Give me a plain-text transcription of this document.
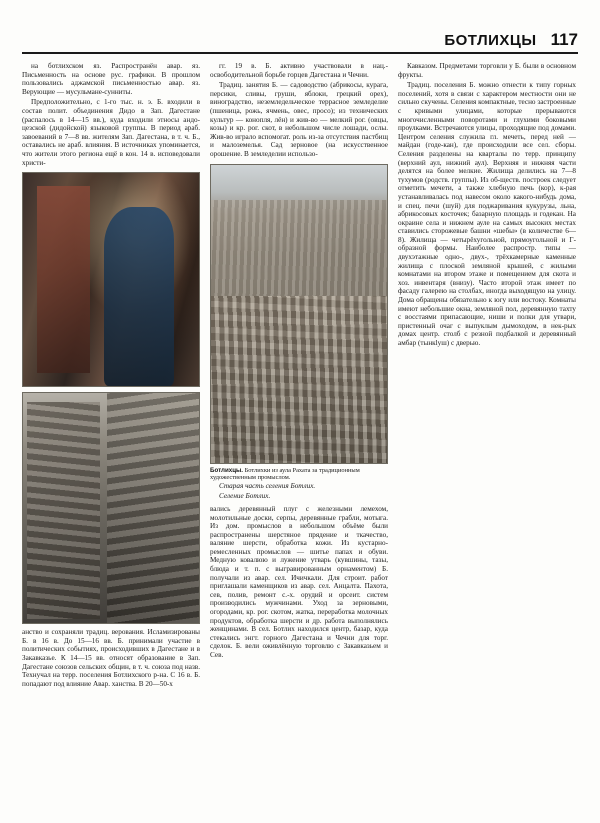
БОТЛИХЦЫ 117

на ботлихском яз. Распространён авар. яз. Письменность на основе рус. графики. В прошлом пользовались аджамской письменностью авар. яз. Верующие — мусульмане-сунниты.

Предположительно, с 1-го тыс. н. э. Б. входили в состав полит. объединения Дидо в Зап. Дагестане (распалось в 14—15 вв.), куда входили этносы андо-цезской (дидойской) языковой группы. В период араб. завоеваний в 7—8 вв. жителям Зап. Дагестана, в т. ч. Б., оставались не араб. влияния. В источниках упоминается, что жители этого региона ещё в кон. 14 в. исповедовали христи-

анство и сохраняли традиц. верования. Исламизированы Б. в 16 в. До 15—16 вв. Б. принимали участие в политических событиях, происходивших в Дагестане и в Закавказье. К 14—15 вв. относят образование в Зап. Дагестане союзов сельских общин, в т. ч. союза под назв. Технучал на терр. поселения Ботлихского р-на. С 16 в. Б. попадают под влияние Авар. ханства. В 20—50-х

гг. 19 в. Б. активно участвовали в нац.-освободительной борьбе горцев Дагестана и Чечни.

Традиц. занятия Б. — садоводство (абрикосы, курага, персики, сливы, груши, яблоки, грецкий орех), виноградство, неземледельческое террасное земледелие (пшеница, рожь, ячмень, овес, просо); из технических культур — конопля, лён) и жив-во — мелкий рог. (овцы, козы) и кр. рог. скот, в небольшом числе лошади, ослы. Жив-во играло вспомогат. роль из-за отсутствия пастбищ и малоземелья. Сад зерновое (на искусственное орошение. В земледелии использо-

Ботлихцы. Ботлихки из аула Рахата за традиционным художественным промыслом.

Старая часть селения Ботлих.

Селение Ботлих.

вались деревянный плуг с железными лемехом, молотильные доски, серпы, деревянные грабли, мотыга. Из дом. промыслов в небольшом объёме были распространены шерстяное прядение и ткачество, валяние шерсти, обработка кожи. Из кустарно-ремесленных промыслов — шитье папах и обуви. Медную ковалюю и лужение утварь (кувшины, тазы, блюда и т. п. с выгравированным орнаментом) Б. получали из авар. сел. Ичичкали. Для строит. работ приглашали каменщиков из авар. сел. Анцалта. Пахота, сев, полив, ремонт с.-х. орудий и орсеит. систем производились мужчинами. Уход за зерновыми, огородами, кр. рог. скотом, жатка, переработка молочных продуктов, обработка шерсти и др. работа выполнялись женщинами. В сел. Ботлих находился центр, базар, куда стекались энгт. горного Дагестана и Чечни для торг. сделок. Б. вели оживлённую торговлю с Закавказьем и Сев.

Кавказом. Предметами торговли у Б. были в основном фрукты.

Традиц. поселения Б. можно отнести к типу горных поселений, хотя в связи с характером местности они не сильно скучены. Селения компактные, тесно застроенные с кривыми улицами, которые прерываются многочисленными поворотами и глухими боковыми проулками. Встречаются улицы, проходящие под домами. Центром селения служила гл. мечеть, перед ней — майдан (годе-кан), где происходили все сел. сборы. Селения разделены на кварталы по терр. принципу (верхний аул, нижний аул). Верхняя и нижняя части делятся на более мелкие. Жилища делились на 7—8 тухумов (родств. группы). Из об-ществ. построек следует отметить мечети, а также хлебную печь (кор), к-рая устанавливалась под навесом около какого-нибудь дома, и спец. печи (шуй) для поджаривания кукурузы, льна, абрикосовых косточек; базарную площадь и годекан. На окраине села и нижнем ауле на самых высоких местах ставились сторожевые башни «шебы» (в количестве 6—8). Жилища — четырёхугольной, прямоугольной и Г-образной формы. Наиболее распростр. типы — двухэтажные одно-, двух-, трёхкамерные каменные жилища с плоской земляной крышей, с жилыми комнатами на втором этаже и помещением для скота и хоз. инвентаря (внизу). Часто второй этаж имеет по фасаду галерею на столбах, иногда выходящую на улицу. Дома обращены обязательно к югу или востоку. Комнаты имеют небольшие окна, земляной пол, деревянную тахту с восстаями припасающие, ниши и полки для утвари, пристенный очаг с выпуклым дымоходом, в нек-рых домах центр. столб с резной подбалкой и деревянный амбар (тынкlуш) с дверью.
